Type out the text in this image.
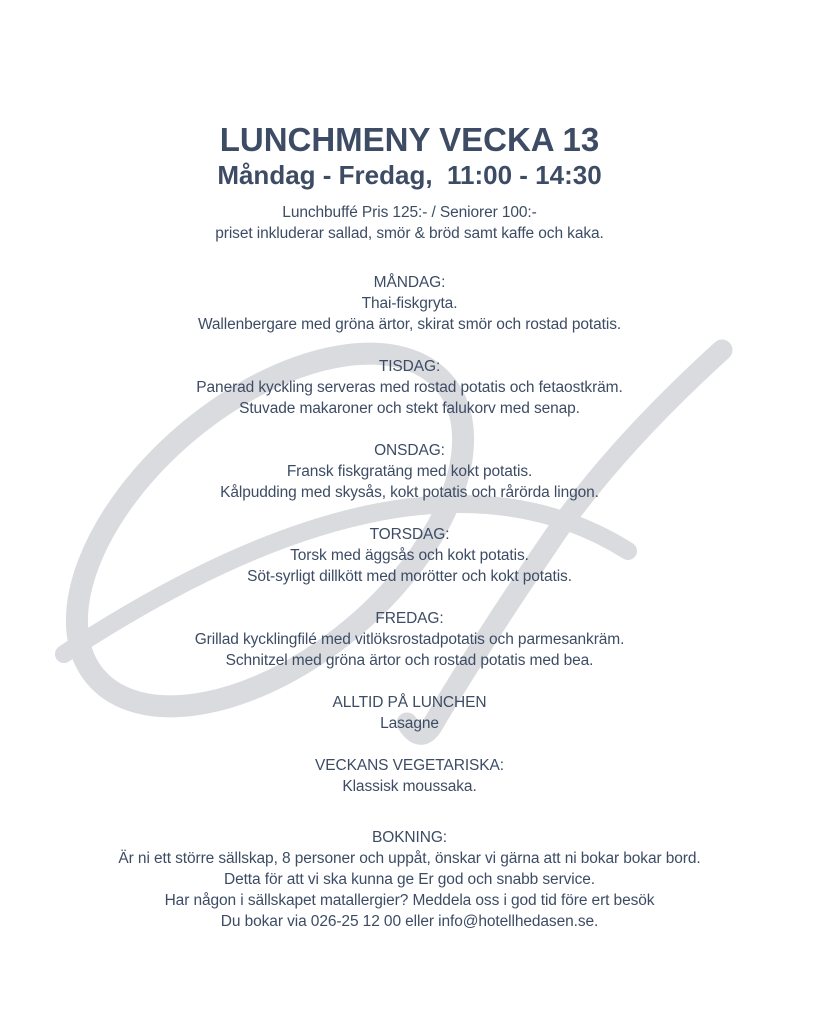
LUNCHMENY VECKA 13
Måndag - Fredag,  11:00 - 14:30
Lunchbuffé Pris 125:- / Seniorer 100:-
priset inkluderar sallad, smör & bröd samt kaffe och kaka.
MÅNDAG:
Thai-fiskgryta.
Wallenbergare med gröna ärtor, skirat smör och rostad potatis.
TISDAG:
Panerad kyckling serveras med rostad potatis och fetaostkräm.
Stuvade makaroner och stekt falukorv med senap.
ONSDAG:
Fransk fiskgratäng med kokt potatis.
Kålpudding med skysås, kokt potatis och rårörda lingon.
TORSDAG:
Torsk med äggsås och kokt potatis.
Söt-syrligt dillkött med morötter och kokt potatis.
FREDAG:
Grillad kycklingfilé med vitlöksrostadpotatis och parmesankräm.
Schnitzel med gröna ärtor och rostad potatis med bea.
ALLTID PÅ LUNCHEN
Lasagne
VECKANS VEGETARISKA:
Klassisk moussaka.
BOKNING:
Är ni ett större sällskap, 8 personer och uppåt, önskar vi gärna att ni bokar bokar bord.
Detta för att vi ska kunna ge Er god och snabb service.
Har någon i sällskapet matallergier? Meddela oss i god tid före ert besök
Du bokar via 026-25 12 00 eller info@hotellhedasen.se.
